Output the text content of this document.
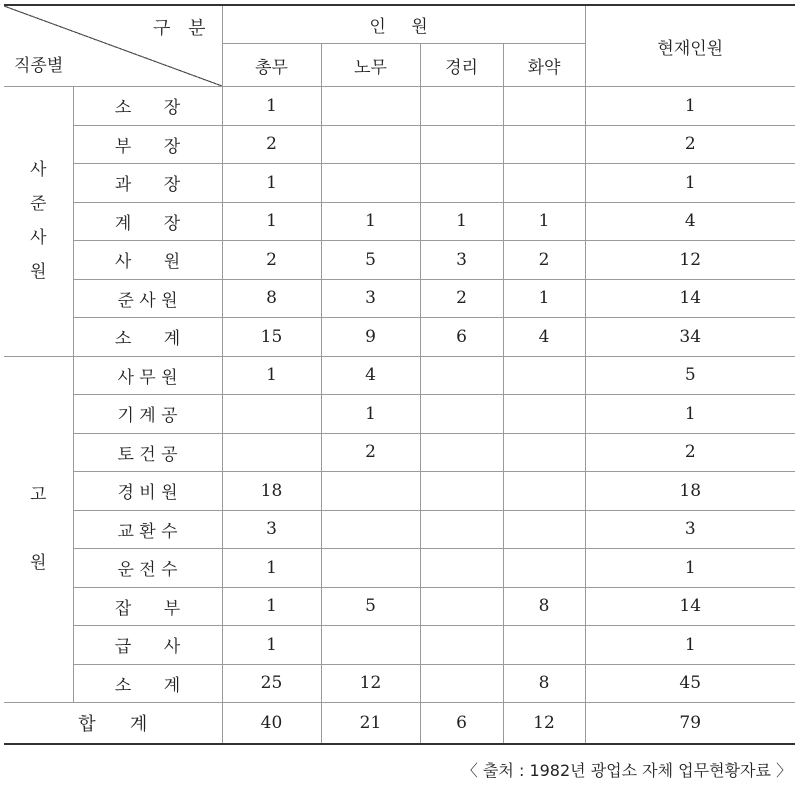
구 분
직종별		인 원				현재인원
		총무	노무	경리	화약	
사
준
사
원	소      장	1				1
	부      장	2				2
	과      장	1				1
	계      장	1	1	1	1	4
	사      원	2	5	3	2	12
	준 사 원	8	3	2	1	14
	소      계	15	9	6	4	34
고

원	사 무 원	1	4			5
	기 계 공		1			1
	토 건 공		2			2
	경 비 원	18				18
	교 환 수	3				3
	운 전 수	1				1
	잡      부	1	5		8	14
	급      사	1				1
	소      계	25	12		8	45
합      계		40	21	6	12	79
〈 출처 : 1982년 광업소 자체 업무현황자료 〉
